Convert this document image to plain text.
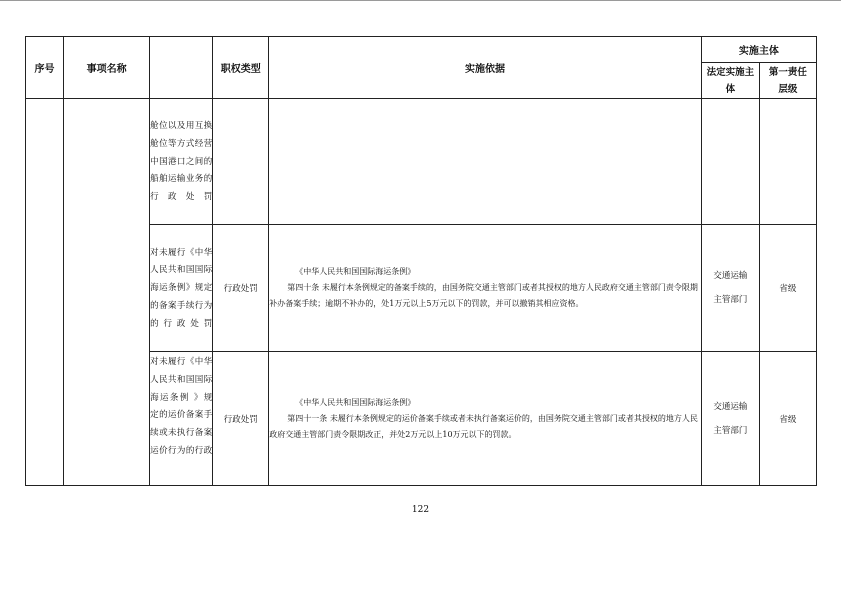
序号	事项名称		职权类型	实施依据	实施主体	
					法定实施主体	第一责任层级

		舱位以及用互换舱位等方式经营中国港口之间的船舶运输业务的行政处罚				

		对未履行《中华人民共和国国际海运条例》规定的备案手续行为的行政处罚	行政处罚	《中华人民共和国国际海运条例》
第四十条 未履行本条例规定的备案手续的，由国务院交通主管部门或者其授权的地方人民政府交通主管部门责令限期补办备案手续；逾期不补办的，处1万元以上5万元以下的罚款，并可以撤销其相应资格。	交通运输主管部门	省级

		对未履行《中华人民共和国国际海运条例 》规定的运价备案手续或未执行备案运价行为的行政	行政处罚	《中华人民共和国国际海运条例》
第四十一条 未履行本条例规定的运价备案手续或者未执行备案运价的，由国务院交通主管部门或者其授权的地方人民政府交通主管部门责令限期改正，并处2万元以上10万元以下的罚款。	交通运输主管部门	省级
122
